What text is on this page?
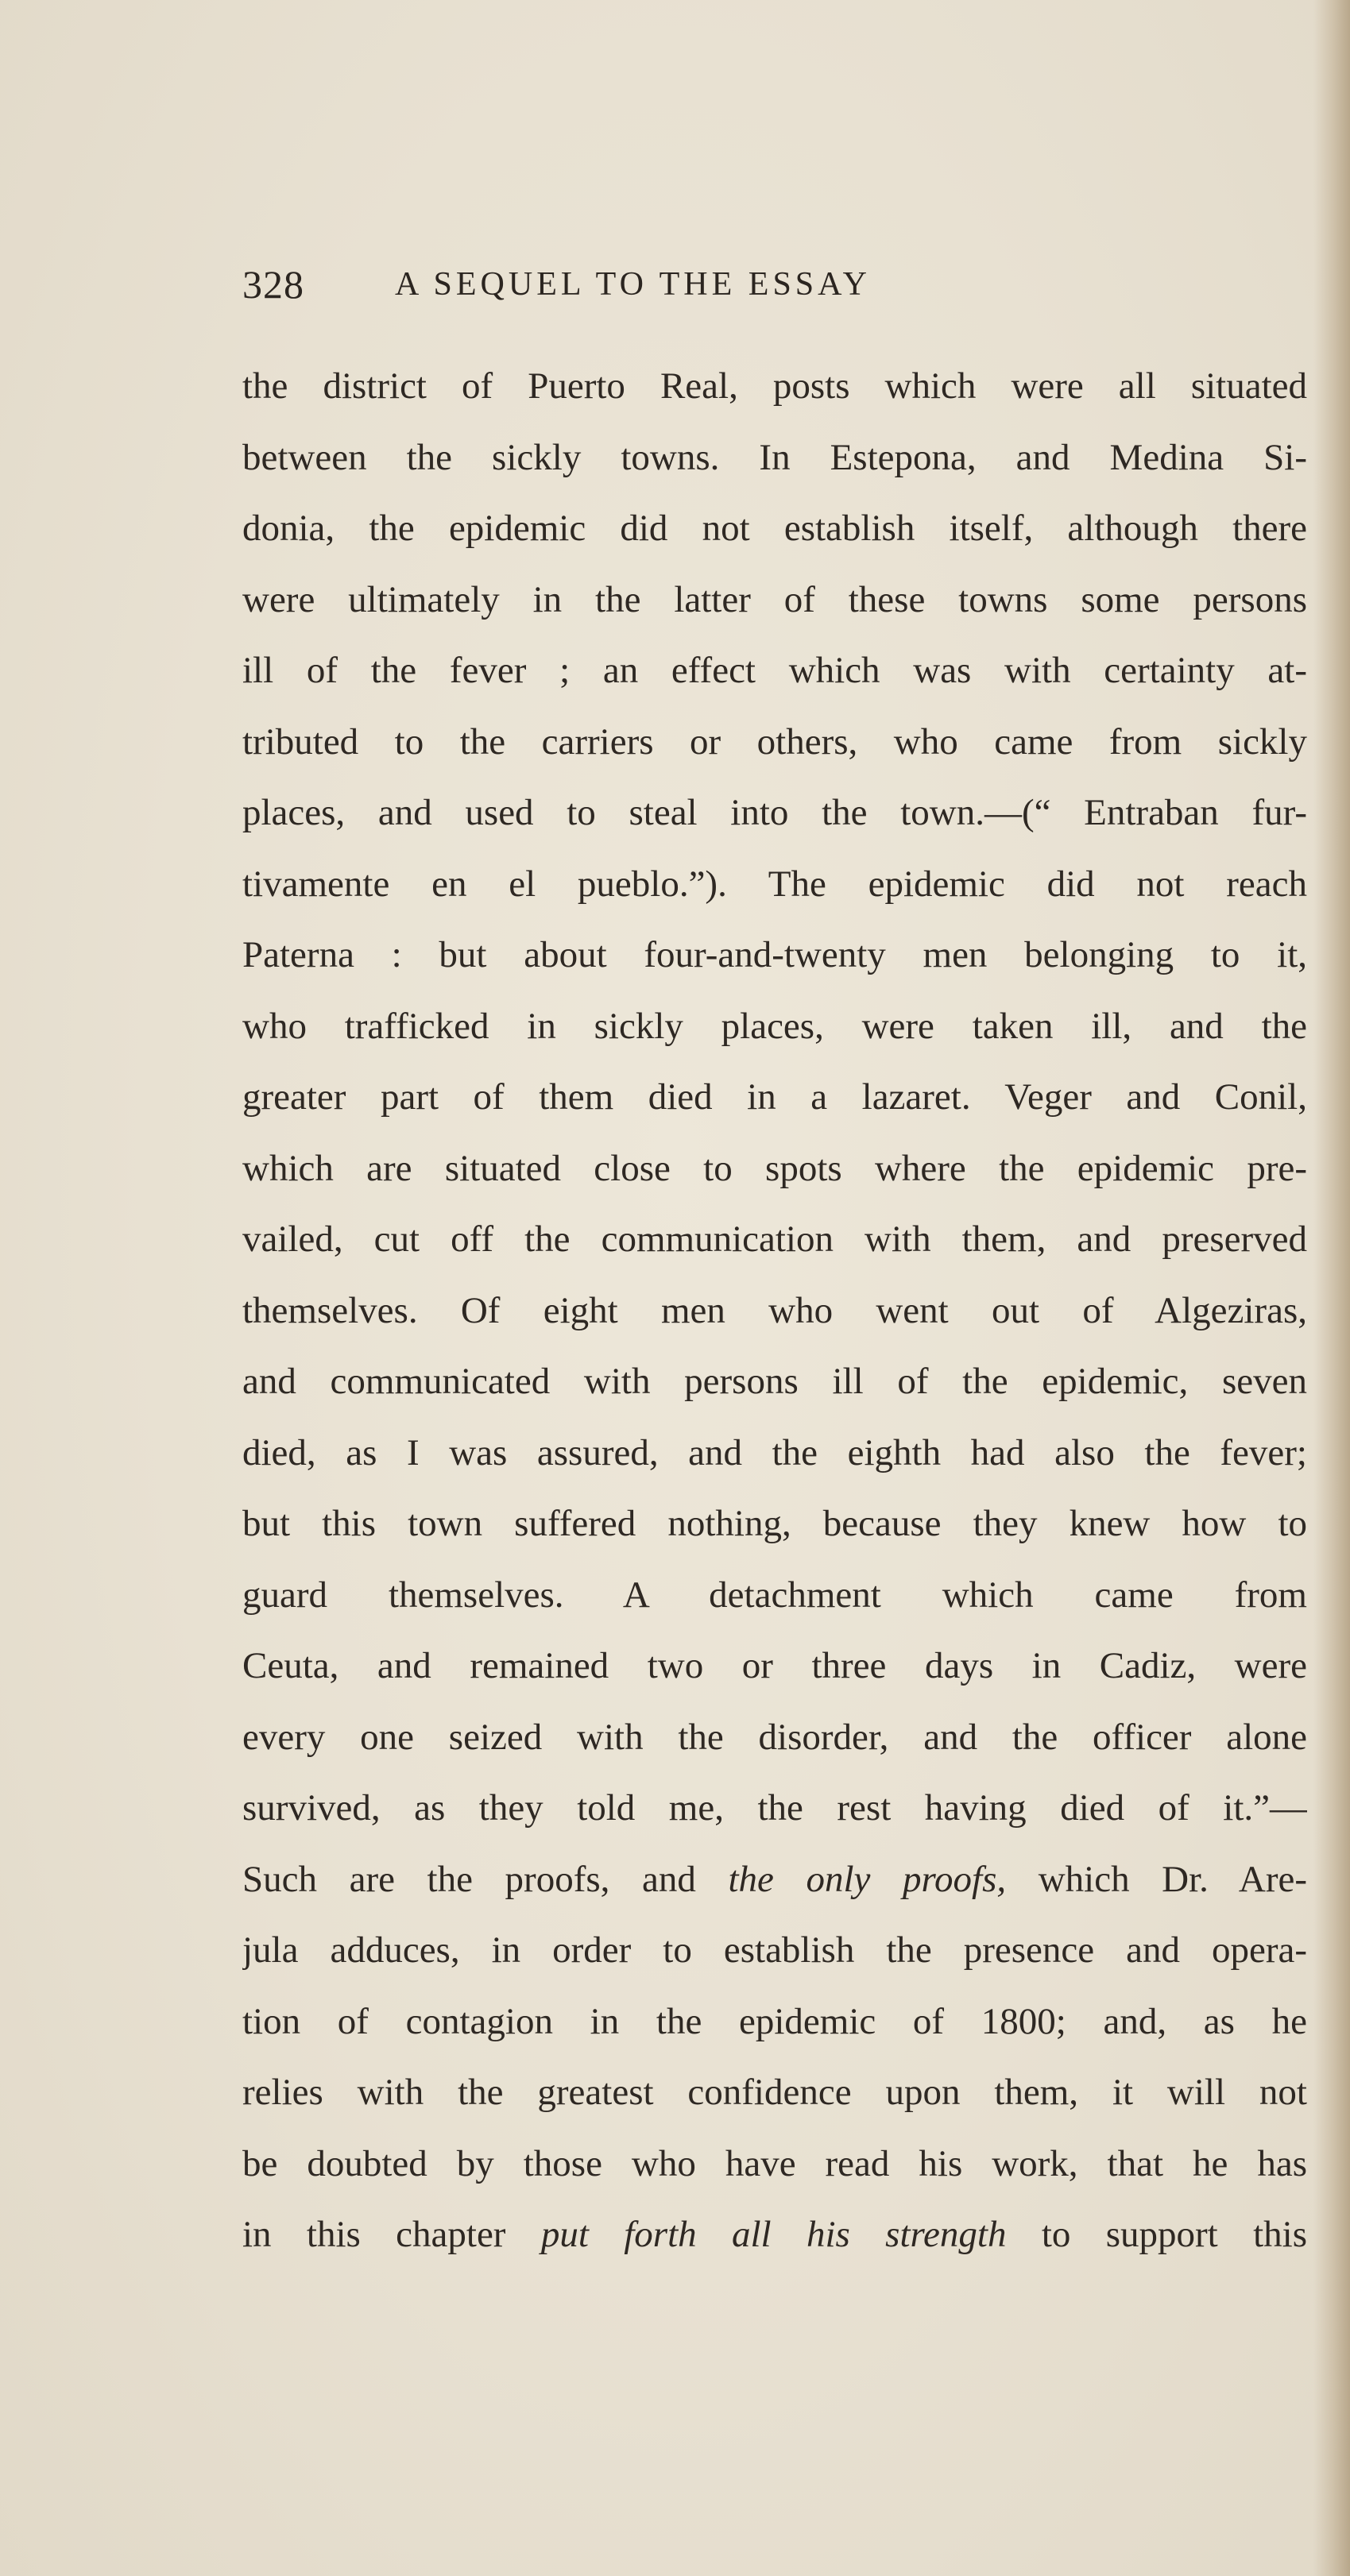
328	A SEQUEL TO THE ESSAY
the district of Puerto Real, posts which were all situated
between the sickly towns. In Estepona, and Medina Si-
donia, the epidemic did not establish itself, although there
were ultimately in the latter of these towns some persons
ill of the fever ; an effect which was with certainty at-
tributed to the carriers or others, who came from sickly
places, and used to steal into the town.—(“ Entraban fur-
tivamente en el pueblo.”). The epidemic did not reach
Paterna : but about four-and-twenty men belonging to it,
who trafficked in sickly places, were taken ill, and the
greater part of them died in a lazaret. Veger and Conil,
which are situated close to spots where the epidemic pre-
vailed, cut off the communication with them, and preserved
themselves. Of eight men who went out of Algeziras,
and communicated with persons ill of the epidemic, seven
died, as I was assured, and the eighth had also the fever;
but this town suffered nothing, because they knew how to
guard themselves. A detachment which came from
Ceuta, and remained two or three days in Cadiz, were
every one seized with the disorder, and the officer alone
survived, as they told me, the rest having died of it.”—
Such are the proofs, and the only proofs, which Dr. Are-
jula adduces, in order to establish the presence and opera-
tion of contagion in the epidemic of 1800; and, as he
relies with the greatest confidence upon them, it will not
be doubted by those who have read his work, that he has
in this chapter put forth all his strength to support this
